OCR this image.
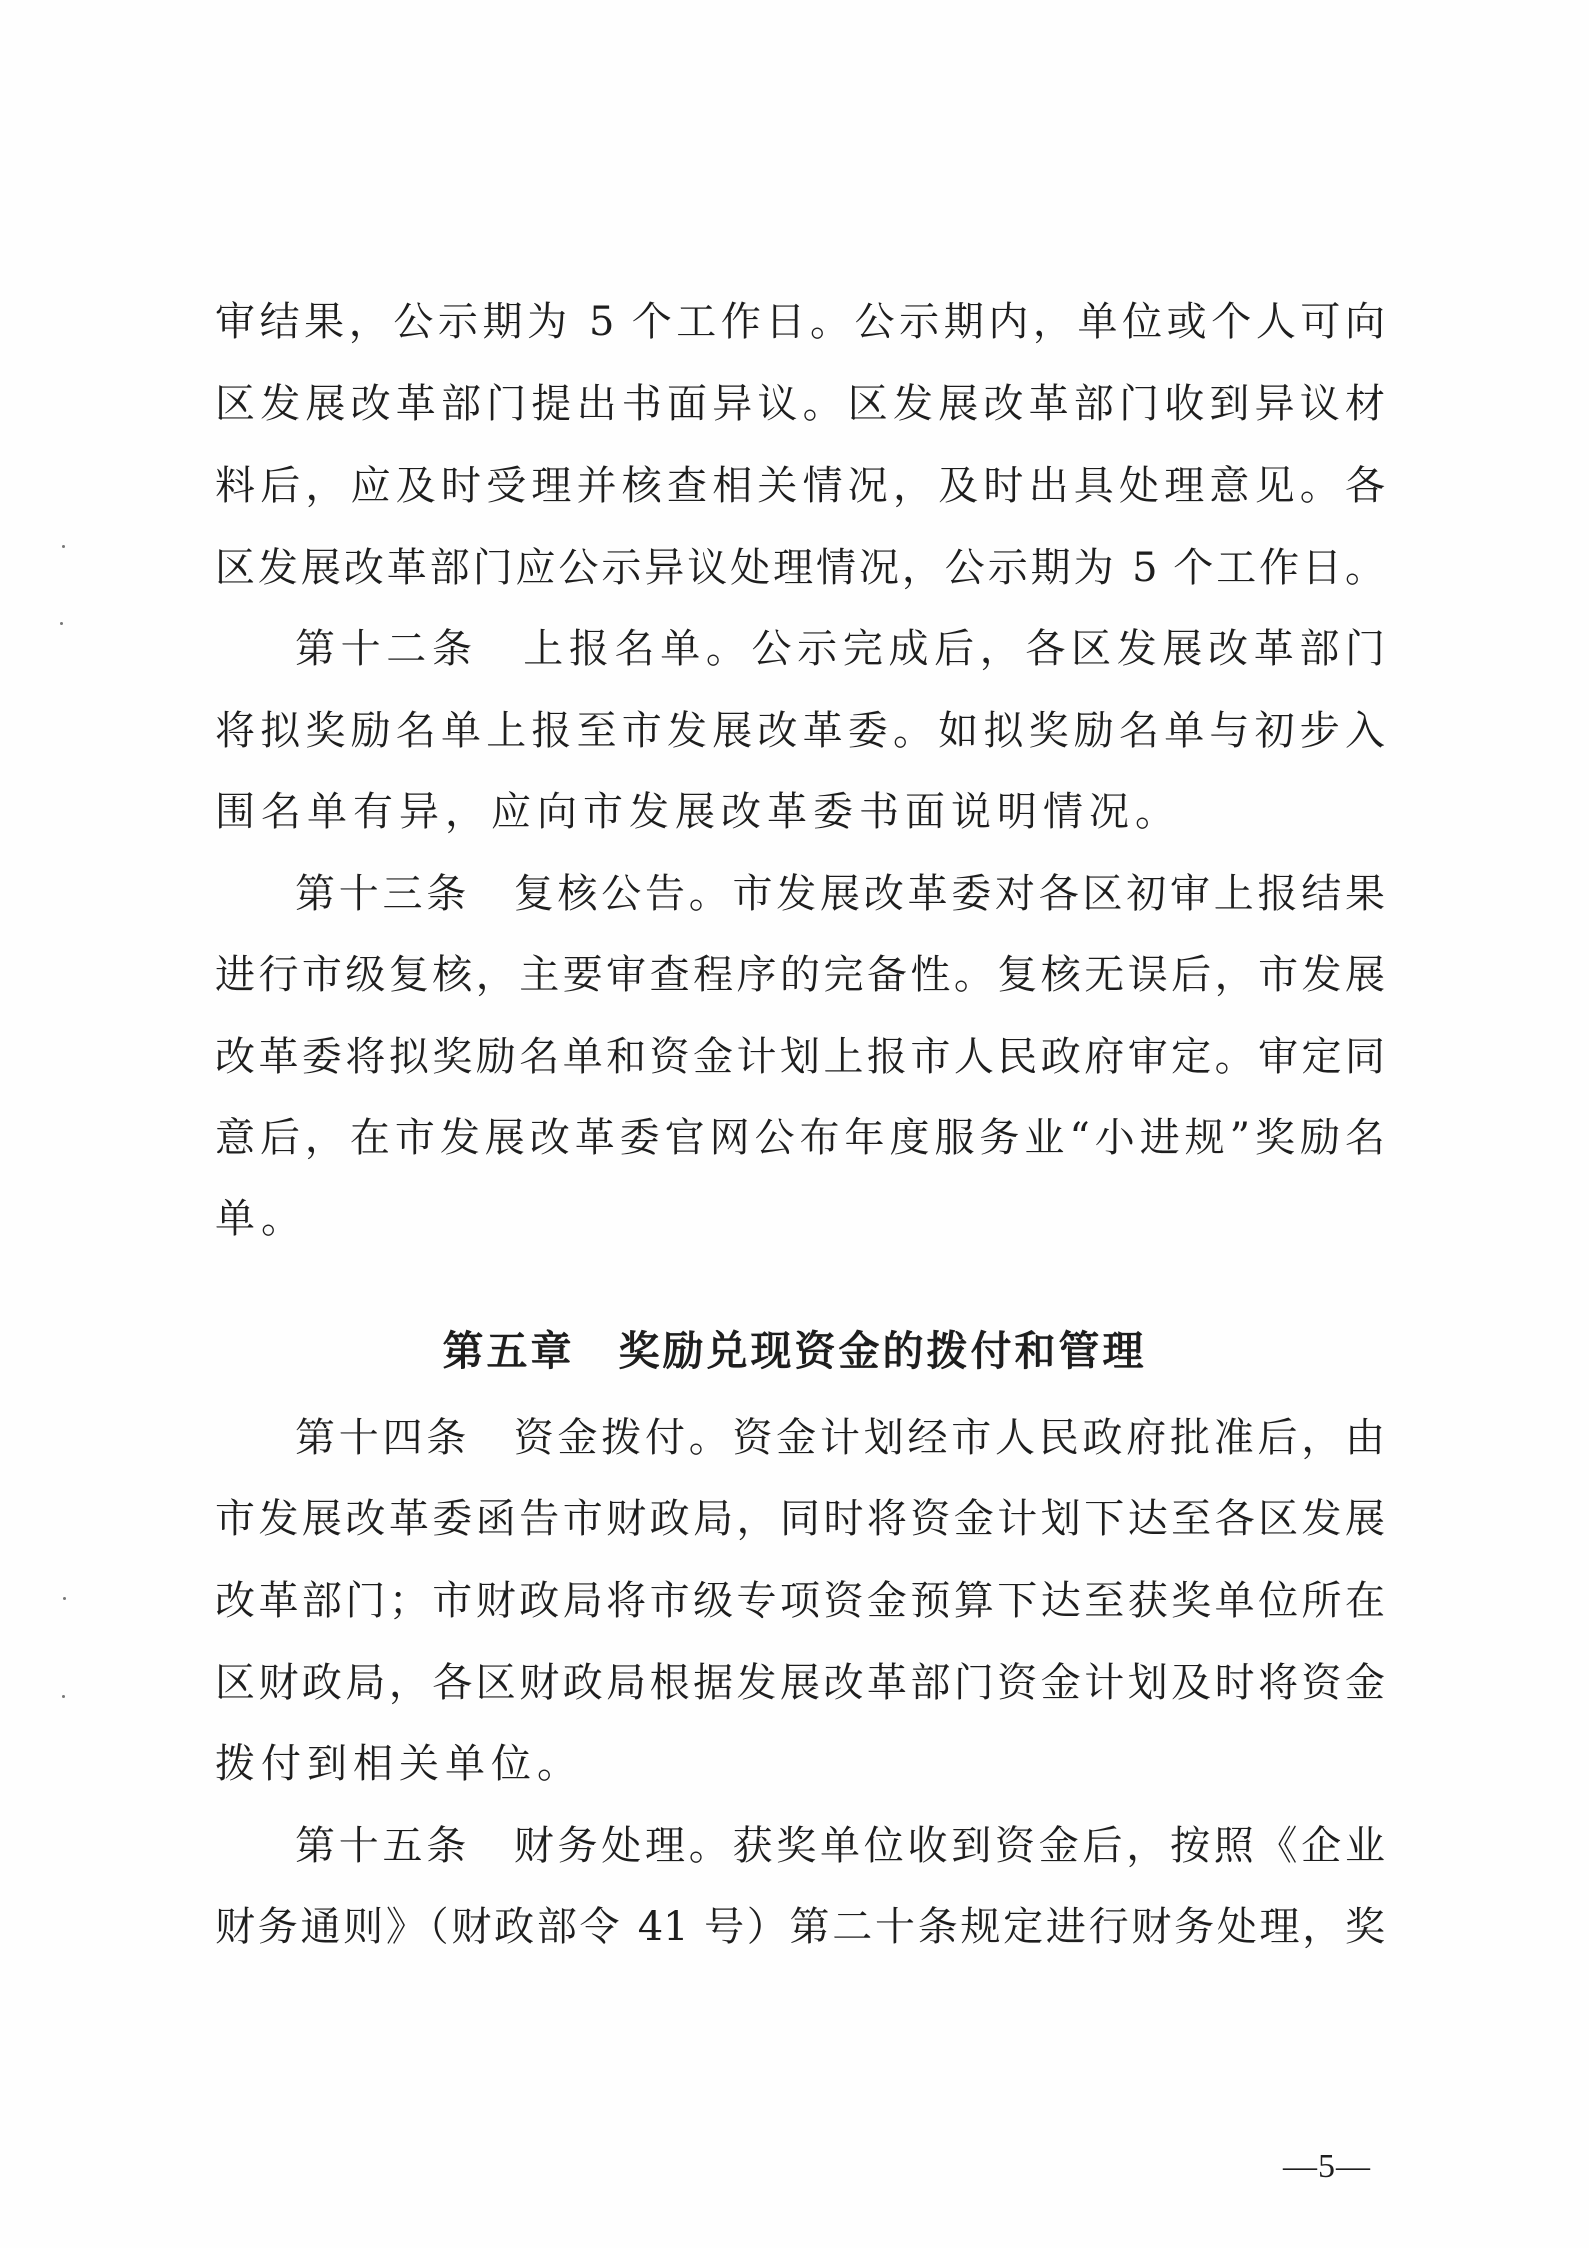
审结果，公示期为 5 个工作日。公示期内，单位或个人可向
区发展改革部门提出书面异议。区发展改革部门收到异议材
料后，应及时受理并核查相关情况，及时出具处理意见。各
区发展改革部门应公示异议处理情况，公示期为 5 个工作日。
第十二条　上报名单。公示完成后，各区发展改革部门
将拟奖励名单上报至市发展改革委。如拟奖励名单与初步入
围名单有异，应向市发展改革委书面说明情况。
第十三条　复核公告。市发展改革委对各区初审上报结果
进行市级复核，主要审查程序的完备性。复核无误后，市发展
改革委将拟奖励名单和资金计划上报市人民政府审定。审定同
意后，在市发展改革委官网公布年度服务业“小进规”奖励名
单。
第十四条　资金拨付。资金计划经市人民政府批准后，由
市发展改革委函告市财政局，同时将资金计划下达至各区发展
改革部门；市财政局将市级专项资金预算下达至获奖单位所在
区财政局，各区财政局根据发展改革部门资金计划及时将资金
拨付到相关单位。
第十五条　财务处理。获奖单位收到资金后，按照《企业
财务通则》（财政部令 41 号）第二十条规定进行财务处理，奖
第五章　奖励兑现资金的拨付和管理
—5—
